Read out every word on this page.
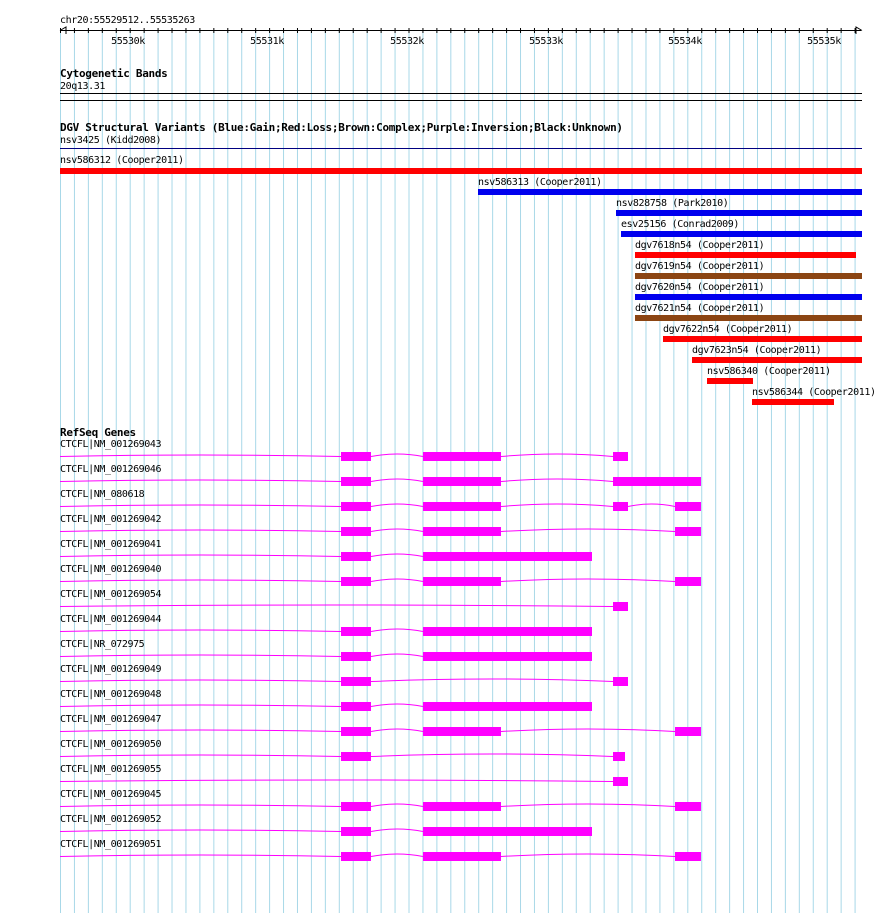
chr20:55529512..55535263
55530k	55531k	55532k	55533k	55534k	55535k
Cytogenetic Bands
20q13.31
DGV Structural Variants (Blue:Gain;Red:Loss;Brown:Complex;Purple:Inversion;Black:Unknown)
nsv3425 (Kidd2008)
nsv586312 (Cooper2011)
nsv586313 (Cooper2011)
nsv828758 (Park2010)
esv25156 (Conrad2009)
dgv7618n54 (Cooper2011)
dgv7619n54 (Cooper2011)
dgv7620n54 (Cooper2011)
dgv7621n54 (Cooper2011)
dgv7622n54 (Cooper2011)
dgv7623n54 (Cooper2011)
nsv586340 (Cooper2011)
nsv586344 (Cooper2011)
RefSeq Genes
CTCFL|NM_001269043
CTCFL|NM_001269046
CTCFL|NM_080618
CTCFL|NM_001269042
CTCFL|NM_001269041
CTCFL|NM_001269040
CTCFL|NM_001269054
CTCFL|NM_001269044
CTCFL|NR_072975
CTCFL|NM_001269049
CTCFL|NM_001269048
CTCFL|NM_001269047
CTCFL|NM_001269050
CTCFL|NM_001269055
CTCFL|NM_001269045
CTCFL|NM_001269052
CTCFL|NM_001269051
